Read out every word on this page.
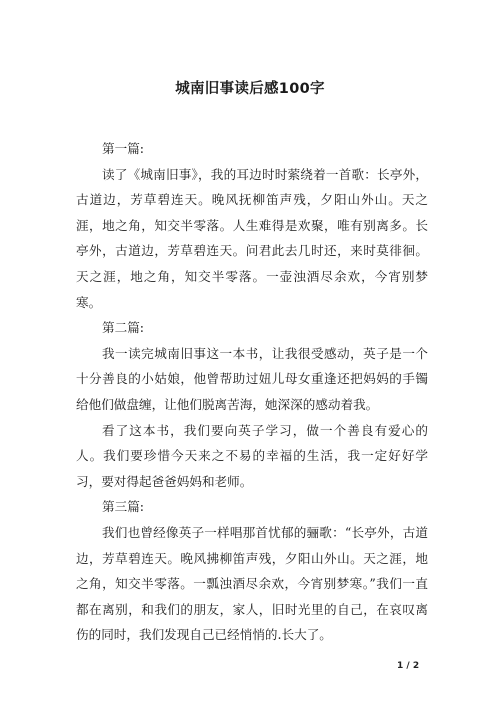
城南旧事读后感100字

第一篇:

读了《城南旧事》，我的耳边时时萦绕着一首歌：长亭外，古道边，芳草碧连天。晚风抚柳笛声残，夕阳山外山。天之涯，地之角，知交半零落。人生难得是欢聚，唯有别离多。长亭外，古道边，芳草碧连天。问君此去几时还，来时莫徘徊。天之涯，地之角，知交半零落。一壶浊酒尽余欢，今宵别梦寒。

第二篇:

我一读完城南旧事这一本书，让我很受感动，英子是一个十分善良的小姑娘，他曾帮助过妞儿母女重逢还把妈妈的手镯给他们做盘缠，让他们脱离苦海，她深深的感动着我。

看了这本书，我们要向英子学习，做一个善良有爱心的人。我们要珍惜今天来之不易的幸福的生活，我一定好好学习，要对得起爸爸妈妈和老师。

第三篇:

我们也曾经像英子一样唱那首忧郁的骊歌：“长亭外，古道边，芳草碧连天。晚风拂柳笛声残，夕阳山外山。天之涯，地之角，知交半零落。一瓢浊酒尽余欢，今宵别梦寒。”我们一直都在离别，和我们的朋友，家人，旧时光里的自己，在哀叹离伤的同时，我们发现自己已经悄悄的.长大了。

1 / 2
